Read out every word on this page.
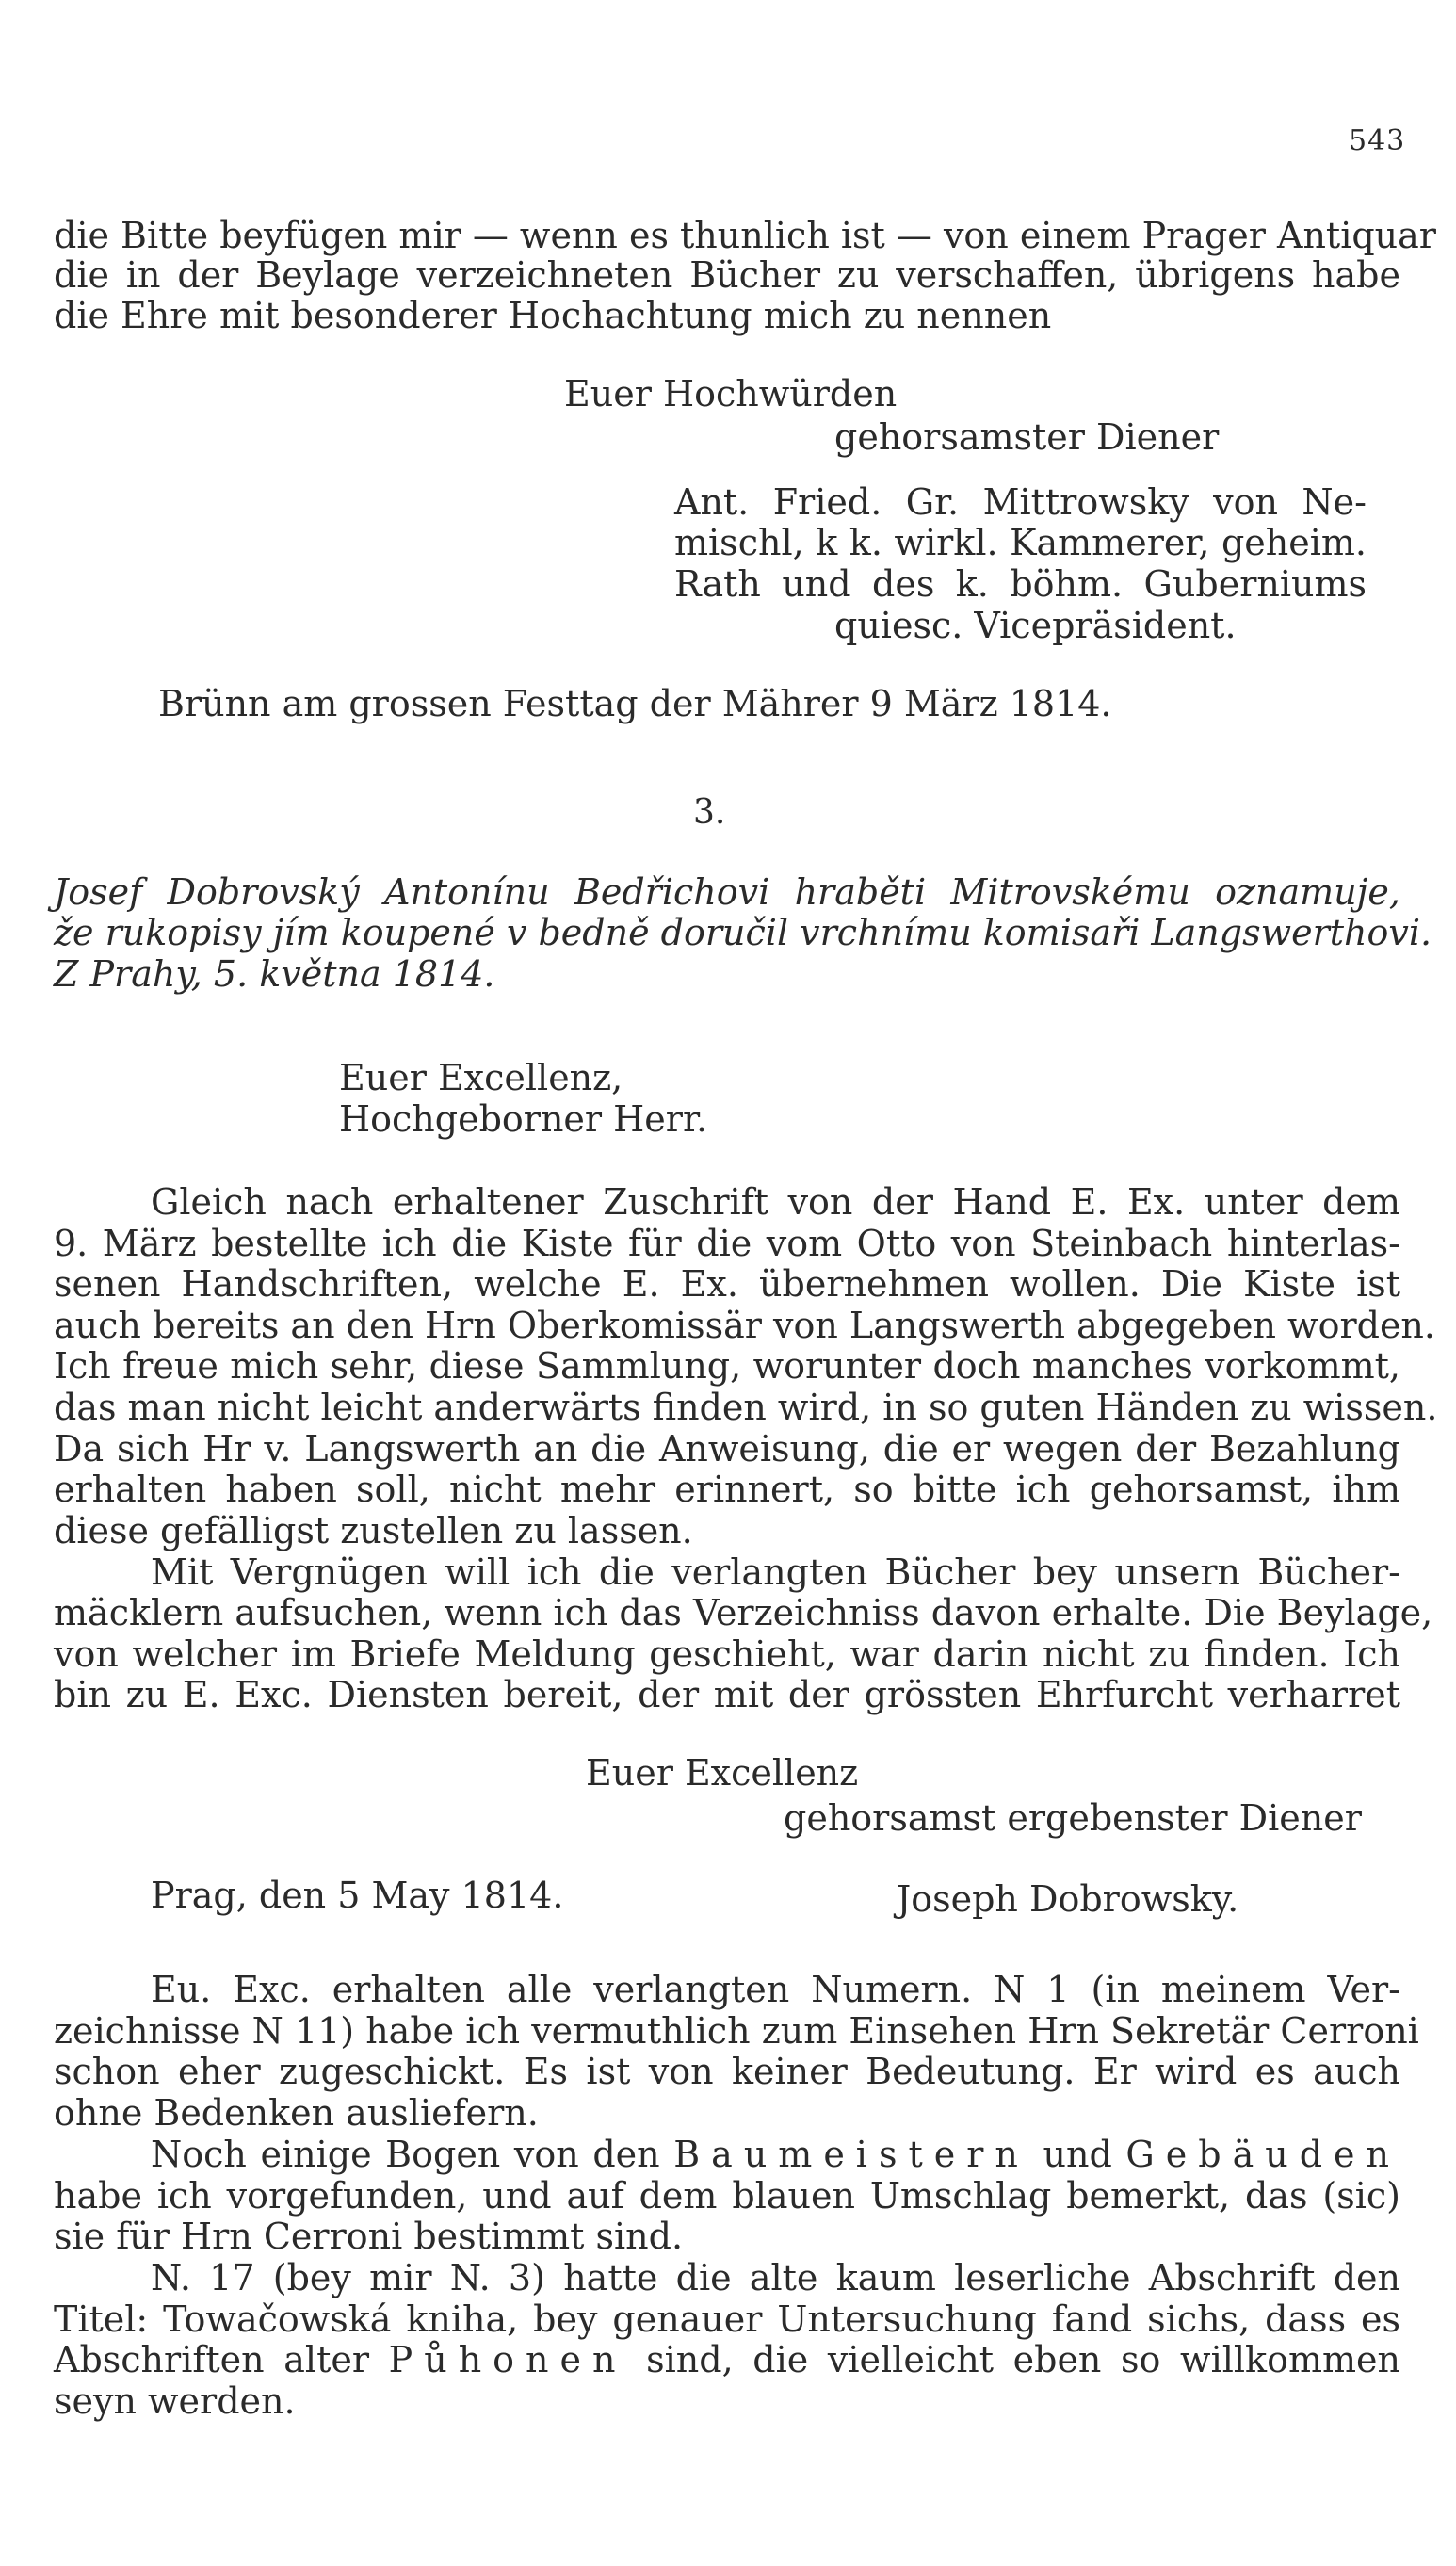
543
die Bitte beyfügen mir — wenn es thunlich ist — von einem Prager Antiquar
die in der Beylage verzeichneten Bücher zu verschaffen, übrigens habe
die Ehre mit besonderer Hochachtung mich zu nennen
Euer Hochwürden
gehorsamster Diener
Ant. Fried. Gr. Mittrowsky von Ne-
mischl, k k. wirkl. Kammerer, geheim.
Rath und des k. böhm. Guberniums
quiesc. Vicepräsident.
Brünn am grossen Festtag der Mährer 9 März 1814.
3.
Josef Dobrovský Antonínu Bedřichovi hraběti Mitrovskému oznamuje,
že rukopisy jím koupené v bedně doručil vrchnímu komisaři Langswerthovi.
Z Prahy, 5. května 1814.
Euer Excellenz,
Hochgeborner Herr.
Gleich nach erhaltener Zuschrift von der Hand E. Ex. unter dem
9. März bestellte ich die Kiste für die vom Otto von Steinbach hinterlas-
senen Handschriften, welche E. Ex. übernehmen wollen. Die Kiste ist
auch bereits an den Hrn Oberkomissär von Langswerth abgegeben worden.
Ich freue mich sehr, diese Sammlung, worunter doch manches vorkommt,
das man nicht leicht anderwärts finden wird, in so guten Händen zu wissen.
Da sich Hr v. Langswerth an die Anweisung, die er wegen der Bezahlung
erhalten haben soll, nicht mehr erinnert, so bitte ich gehorsamst, ihm
diese gefälligst zustellen zu lassen.
Mit Vergnügen will ich die verlangten Bücher bey unsern Bücher-
mäcklern aufsuchen, wenn ich das Verzeichniss davon erhalte. Die Beylage,
von welcher im Briefe Meldung geschieht, war darin nicht zu finden. Ich
bin zu E. Exc. Diensten bereit, der mit der grössten Ehrfurcht verharret
Euer Excellenz
gehorsamst ergebenster Diener
Prag, den 5 May 1814.	Joseph Dobrowsky.
Eu. Exc. erhalten alle verlangten Numern. N 1 (in meinem Ver-
zeichnisse N 11) habe ich vermuthlich zum Einsehen Hrn Sekretär Cerroni
schon eher zugeschickt. Es ist von keiner Bedeutung. Er wird es auch
ohne Bedenken ausliefern.
Noch einige Bogen von den Baumeistern und Gebäuden
habe ich vorgefunden, und auf dem blauen Umschlag bemerkt, das (sic)
sie für Hrn Cerroni bestimmt sind.
N. 17 (bey mir N. 3) hatte die alte kaum leserliche Abschrift den
Titel: Towačowská kniha, bey genauer Untersuchung fand sichs, dass es
Abschriften alter Půhonen sind, die vielleicht eben so willkommen
seyn werden.
